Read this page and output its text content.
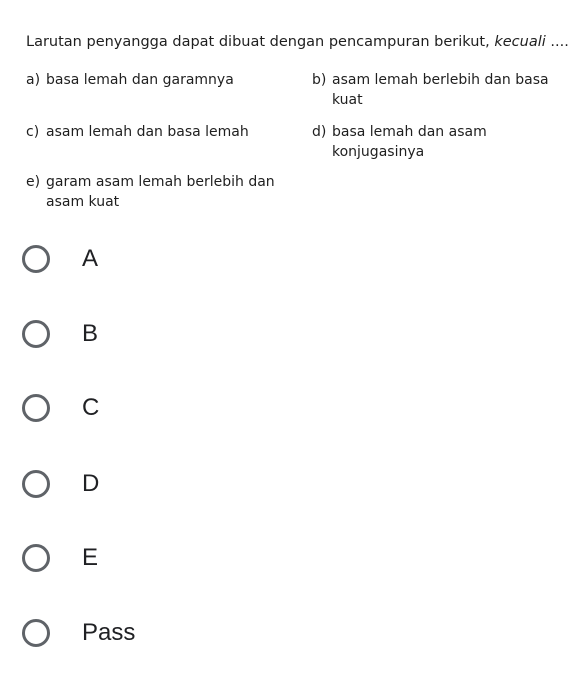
Larutan penyangga dapat dibuat dengan pencampuran berikut, kecuali ....
a) basa lemah dan garamnya	b) asam lemah berlebih dan basa kuat
c) asam lemah dan basa lemah	d) basa lemah dan asam konjugasinya
e) garam asam lemah berlebih dan asam kuat
A
B
C
D
E
Pass
